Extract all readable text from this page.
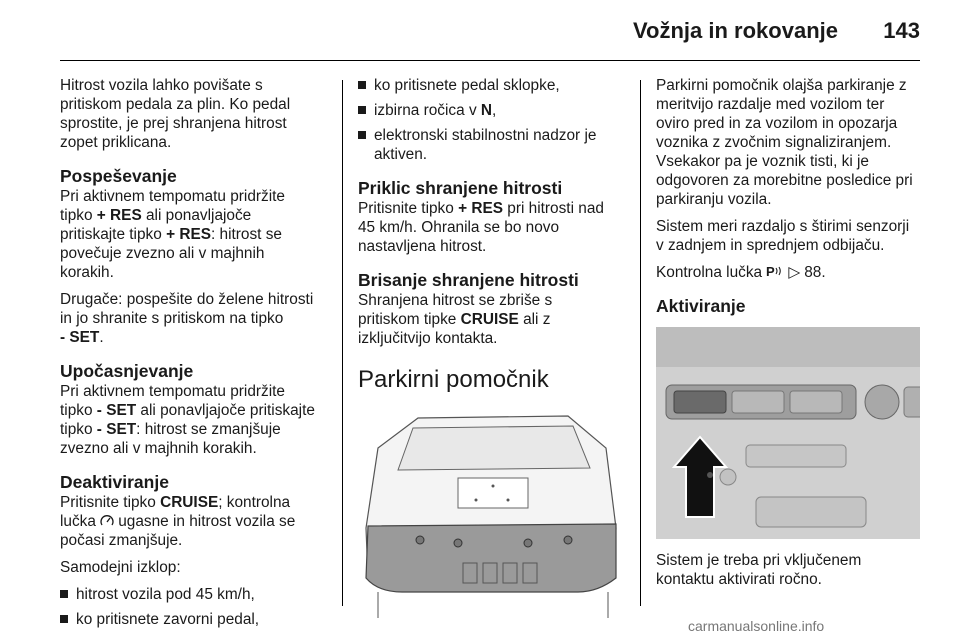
Vožnja in rokovanje 143

Hitrost vozila lahko povišate s
pritiskom pedala za plin. Ko pedal
sprostite, je prej shranjena hitrost
zopet priklicana.

Pospeševanje

Pri aktivnem tempomatu pridržite
tipko + RES ali ponavljajoče
pritiskajte tipko + RES: hitrost se
povečuje zvezno ali v majhnih
korakih.

Drugače: pospešite do želene hitrosti
in jo shranite s pritiskom na tipko
- SET.

Upočasnjevanje

Pri aktivnem tempomatu pridržite
tipko - SET ali ponavljajoče pritiskajte
tipko - SET: hitrost se zmanjšuje
zvezno ali v majhnih korakih.

Deaktiviranje

Pritisnite tipko CRUISE; kontrolna
lučka ugasne in hitrost vozila se
počasi zmanjšuje.

Samodejni izklop:

hitrost vozila pod 45 km/h,
ko pritisnete zavorni pedal,
ko pritisnete pedal sklopke,
izbirna ročica v N,
elektronski stabilnostni nadzor je
aktiven.
Priklic shranjene hitrosti

Pritisnite tipko + RES pri hitrosti nad
45 km/h. Ohranila se bo novo
nastavljena hitrost.

Brisanje shranjene hitrosti

Shranjena hitrost se zbriše s
pritiskom tipke CRUISE ali z
izključitvijo kontakta.

Parkirni pomočnik

Parkirni pomočnik olajša parkiranje z
meritvijo razdalje med vozilom ter
oviro pred in za vozilom in opozarja
voznika z zvočnim signaliziranjem.
Vsekakor pa je voznik tisti, ki je
odgovoren za morebitne posledice pri
parkiranju vozila.

Sistem meri razdaljo s štirimi senzorji
v zadnjem in sprednjem odbijaču.

Kontrolna lučka P ▷ 88.

Aktiviranje

Sistem je treba pri vključenem
kontaktu aktivirati ročno.

carmanualsonline.info
